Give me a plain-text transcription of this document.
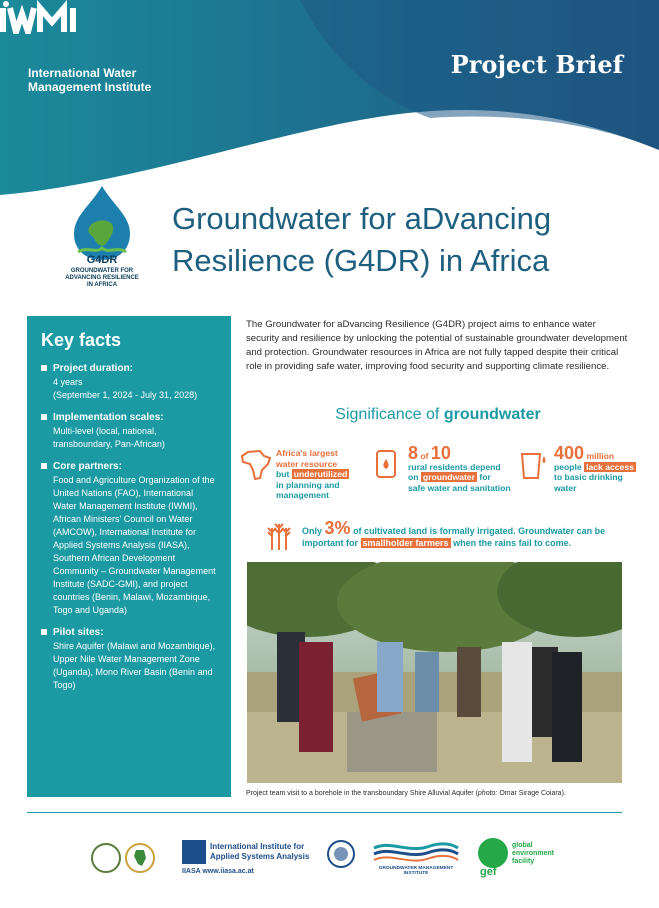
International Water
Management Institute
Project Brief
G4DR
GROUNDWATER FOR
ADVANCING RESILIENCE
IN AFRICA
Groundwater for aDvancing
Resilience (G4DR) in Africa
Key facts
Project duration:
4 years
(September 1, 2024 - July 31, 2028)
Implementation scales:
Multi-level (local, national,
transboundary, Pan-African)
Core partners:
Food and Agriculture Organization of the United Nations (FAO), International Water Management Institute (IWMI), African Ministers' Council on Water (AMCOW), International Institute for Applied Systems Analysis (IIASA), Southern African Development Community – Groundwater Management Institute (SADC-GMI), and project countries (Benin, Malawi, Mozambique, Togo and Uganda)
Pilot sites:
Shire Aquifer (Malawi and Mozambique), Upper Nile Water Management Zone (Uganda), Mono River Basin (Benin and Togo)
The Groundwater for aDvancing Resilience (G4DR) project aims to enhance water security and resilience by unlocking the potential of sustainable groundwater development and protection. Groundwater resources in Africa are not fully tapped despite their critical role in providing safe water, improving food security and supporting climate resilience.
Significance of groundwater
Africa's largest
water resource
but underutilized
in planning and
management
8 of 10
rural residents depend
on groundwater for
safe water and sanitation
400 million
people lack access
to basic drinking
water
Only 3% of cultivated land is formally irrigated. Groundwater can be important for smallholder farmers when the rains fail to come.
Project team visit to a borehole in the transboundary Shire Alluvial Aquifer (photo: Omar Sirage Coiara).
International Institute for
Applied Systems Analysis
IIASA www.iiasa.ac.at	GROUNDWATER MANAGEMENT INSTITUTE	gef
global
environment
facility
